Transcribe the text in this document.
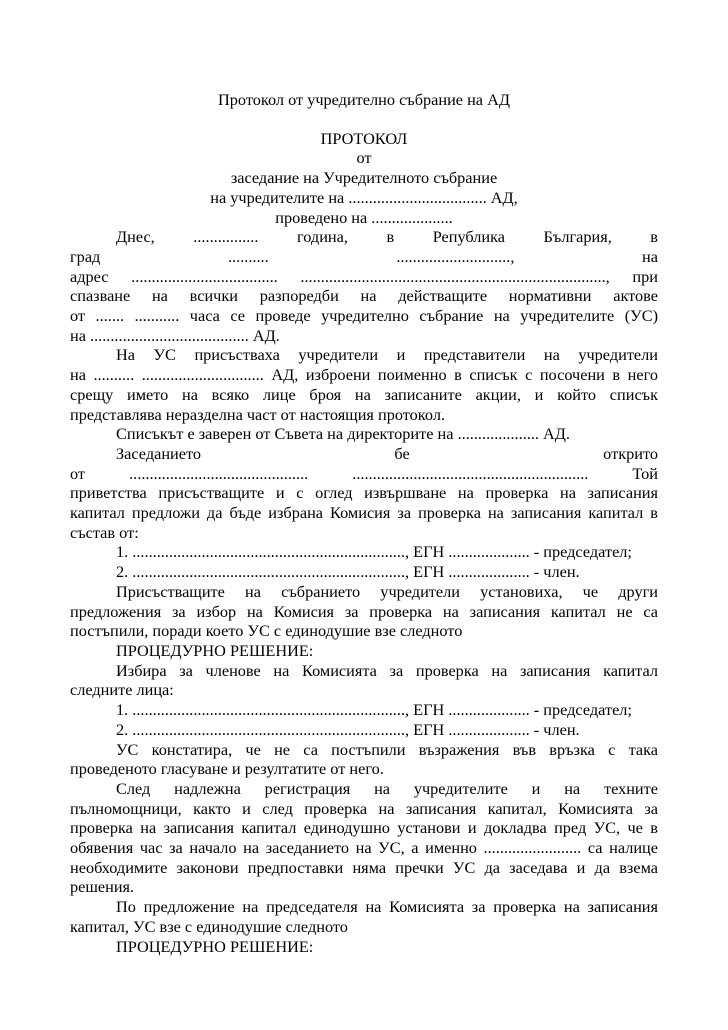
Протокол от учредително събрание на АД
ПРОТОКОЛ
от
заседание на Учредителното събрание
на учредителите на .................................. АД,
проведено на ....................
Днес, ................ година, в Република България, в
град .......... ............................, на
адрес .................................... ..........................................................................., при
спазване на всички разпоредби на действащите нормативни актове
от ....... ........... часа се проведе учредително събрание на учредителите (УС)
на ....................................... АД.
На УС присъстваха учредители и представители на учредители
на .......... .............................. АД, изброени поименно в списък с посочени в него
срещу името на всяко лице броя на записаните акции, и който списък
представлява неразделна част от настоящия протокол.
Списъкът е заверен от Съвета на директорите на .................... АД.
Заседанието бе открито
от ............................................ .......................................................... Той
приветства присъстващите и с оглед извършване на проверка на записания
капитал предложи да бъде избрана Комисия за проверка на записания капитал в
състав от:
1. ..................................................................., ЕГН .................... - председател;
2. ..................................................................., ЕГН .................... - член.
Присъстващите на събранието учредители установиха, че други
предложения за избор на Комисия за проверка на записания капитал не са
постъпили, поради което УС с единодушие взе следното
ПРОЦЕДУРНО РЕШЕНИЕ:
Избира за членове на Комисията за проверка на записания капитал
следните лица:
1. ..................................................................., ЕГН .................... - председател;
2. ..................................................................., ЕГН .................... - член.
УС констатира, че не са постъпили възражения във връзка с така
проведеното гласуване и резултатите от него.
След надлежна регистрация на учредителите и на техните
пълномощници, както и след проверка на записания капитал, Комисията за
проверка на записания капитал единодушно установи и докладва пред УС, че в
обявения час за начало на заседанието на УС, а именно ........................ са налице
необходимите законови предпоставки няма пречки УС да заседава и да взема
решения.
По предложение на председателя на Комисията за проверка на записания
капитал, УС взе с единодушие следното
ПРОЦЕДУРНО РЕШЕНИЕ:
